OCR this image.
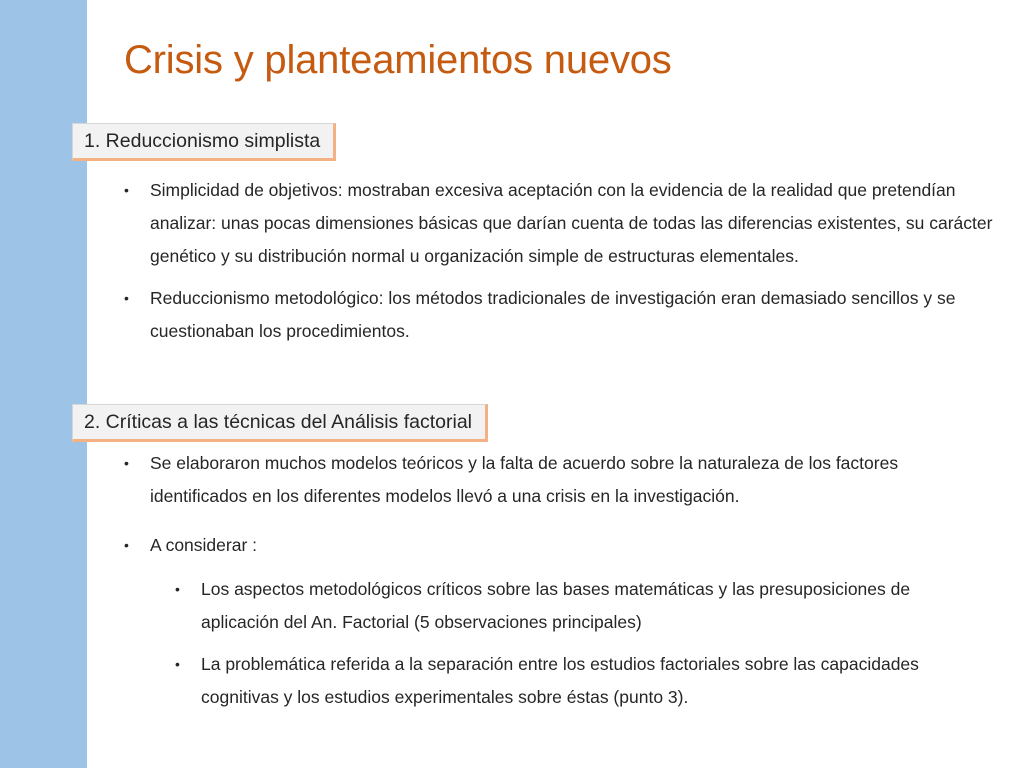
Crisis y planteamientos nuevos
1. Reduccionismo simplista
• Simplicidad de objetivos: mostraban excesiva aceptación con la evidencia de la realidad que pretendían analizar: unas pocas dimensiones básicas que darían cuenta de todas las diferencias existentes, su carácter genético y su distribución normal u organización simple de estructuras elementales.
• Reduccionismo metodológico: los métodos tradicionales de investigación eran demasiado sencillos y se cuestionaban los procedimientos.
2. Críticas a las técnicas del Análisis factorial
• Se elaboraron muchos modelos teóricos y la falta de acuerdo sobre la naturaleza de los factores identificados en los diferentes modelos llevó a una crisis en la investigación.
• A considerar :
• Los aspectos metodológicos críticos sobre las bases matemáticas y las presuposiciones de aplicación del An. Factorial (5 observaciones principales)
• La problemática referida a la separación entre los estudios factoriales sobre las capacidades cognitivas y los estudios experimentales sobre éstas (punto 3).
